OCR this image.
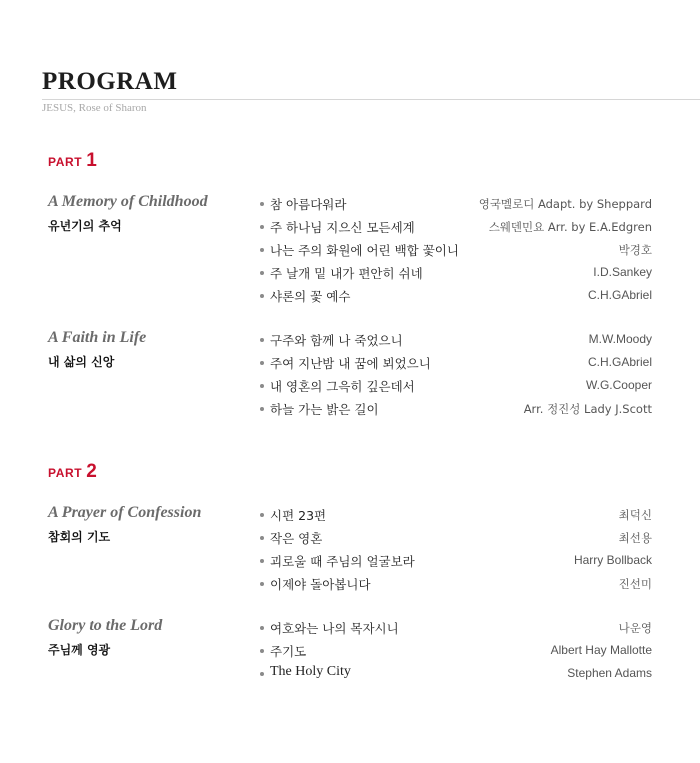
PROGRAM
JESUS, Rose of Sharon
PART 1
A Memory of Childhood
유년기의 추억
참 아름다워라	영국멜로디 Adapt. by Sheppard
주 하나님 지으신 모든세계	스웨덴민요 Arr. by E.A.Edgren
나는 주의 화원에 어린 백합 꽃이니	박경호
주 날개 밑 내가 편안히 쉬네	I.D.Sankey
샤론의 꽃 예수	C.H.GAbriel
A Faith in Life
내 삶의 신앙
구주와 함께 나 죽었으니	M.W.Moody
주여 지난밤 내 꿈에 뵈었으니	C.H.GAbriel
내 영혼의 그윽히 깊은데서	W.G.Cooper
하늘 가는 밝은 길이	Arr. 정진성 Lady J.Scott
PART 2
A Prayer of Confession
참회의 기도
시편 23편	최덕신
작은 영혼	최선용
괴로울 때 주님의 얼굴보라	Harry Bollback
이제야 돌아봅니다	진선미
Glory to the Lord
주님께 영광
여호와는 나의 목자시니	나운영
주기도	Albert Hay Mallotte
The Holy City	Stephen Adams
